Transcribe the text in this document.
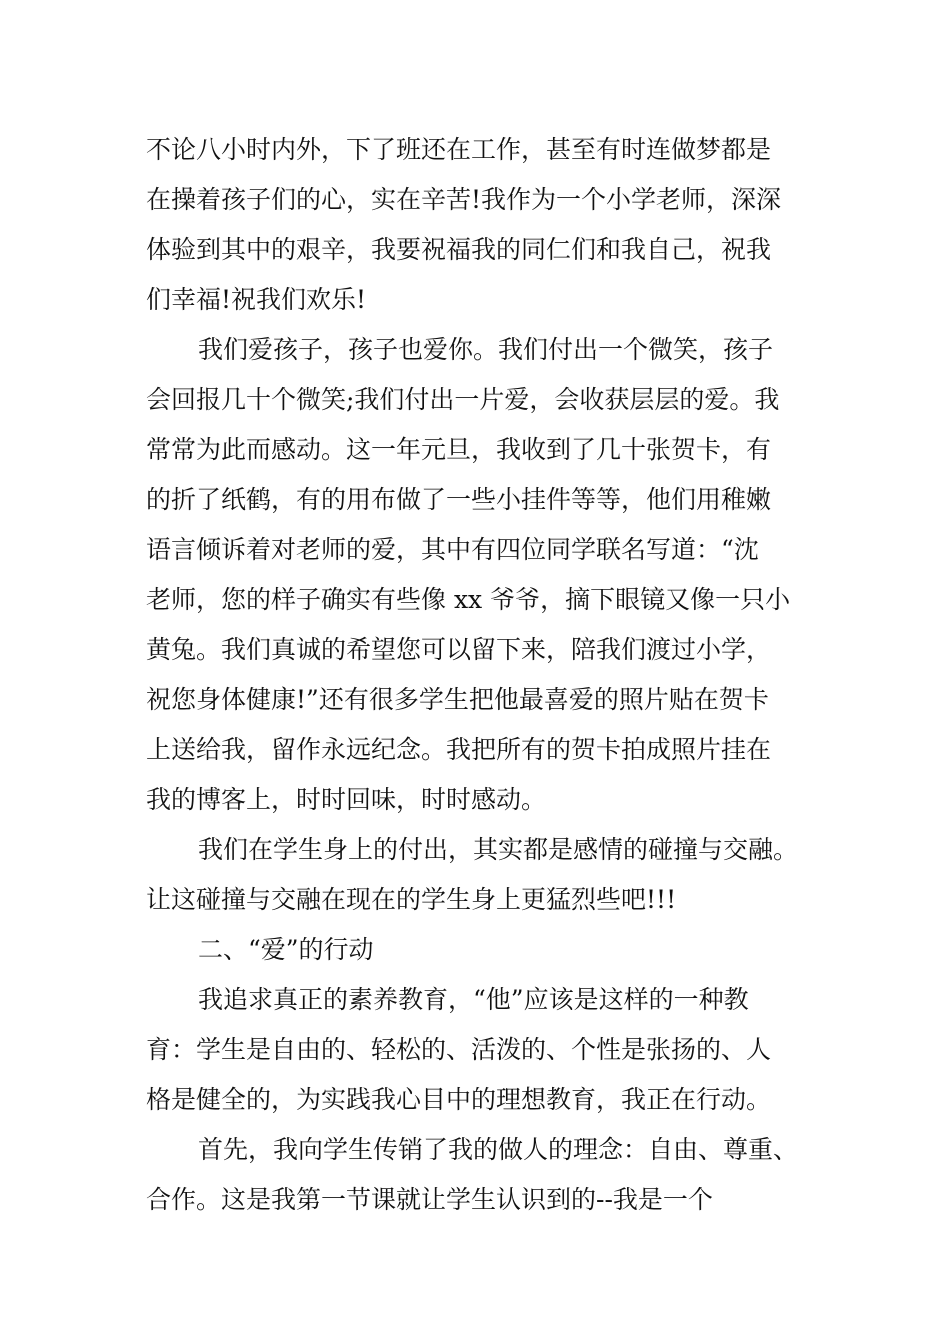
不论八小时内外，下了班还在工作，甚至有时连做梦都是

在操着孩子们的心，实在辛苦!我作为一个小学老师，深深

体验到其中的艰辛，我要祝福我的同仁们和我自己，祝我

们幸福!祝我们欢乐!

我们爱孩子，孩子也爱你。我们付出一个微笑，孩子

会回报几十个微笑;我们付出一片爱，会收获层层的爱。我

常常为此而感动。这一年元旦，我收到了几十张贺卡，有

的折了纸鹤，有的用布做了一些小挂件等等，他们用稚嫩

语言倾诉着对老师的爱，其中有四位同学联名写道：“沈

老师，您的样子确实有些像 xx 爷爷，摘下眼镜又像一只小

黄兔。我们真诚的希望您可以留下来，陪我们渡过小学，

祝您身体健康!”还有很多学生把他最喜爱的照片贴在贺卡

上送给我，留作永远纪念。我把所有的贺卡拍成照片挂在

我的博客上，时时回味，时时感动。

我们在学生身上的付出，其实都是感情的碰撞与交融。

让这碰撞与交融在现在的学生身上更猛烈些吧!!!

二、“爱”的行动

我追求真正的素养教育，“他”应该是这样的一种教

育：学生是自由的、轻松的、活泼的、个性是张扬的、人

格是健全的，为实践我心目中的理想教育，我正在行动。

首先，我向学生传销了我的做人的理念：自由、尊重、

合作。这是我第一节课就让学生认识到的--我是一个
